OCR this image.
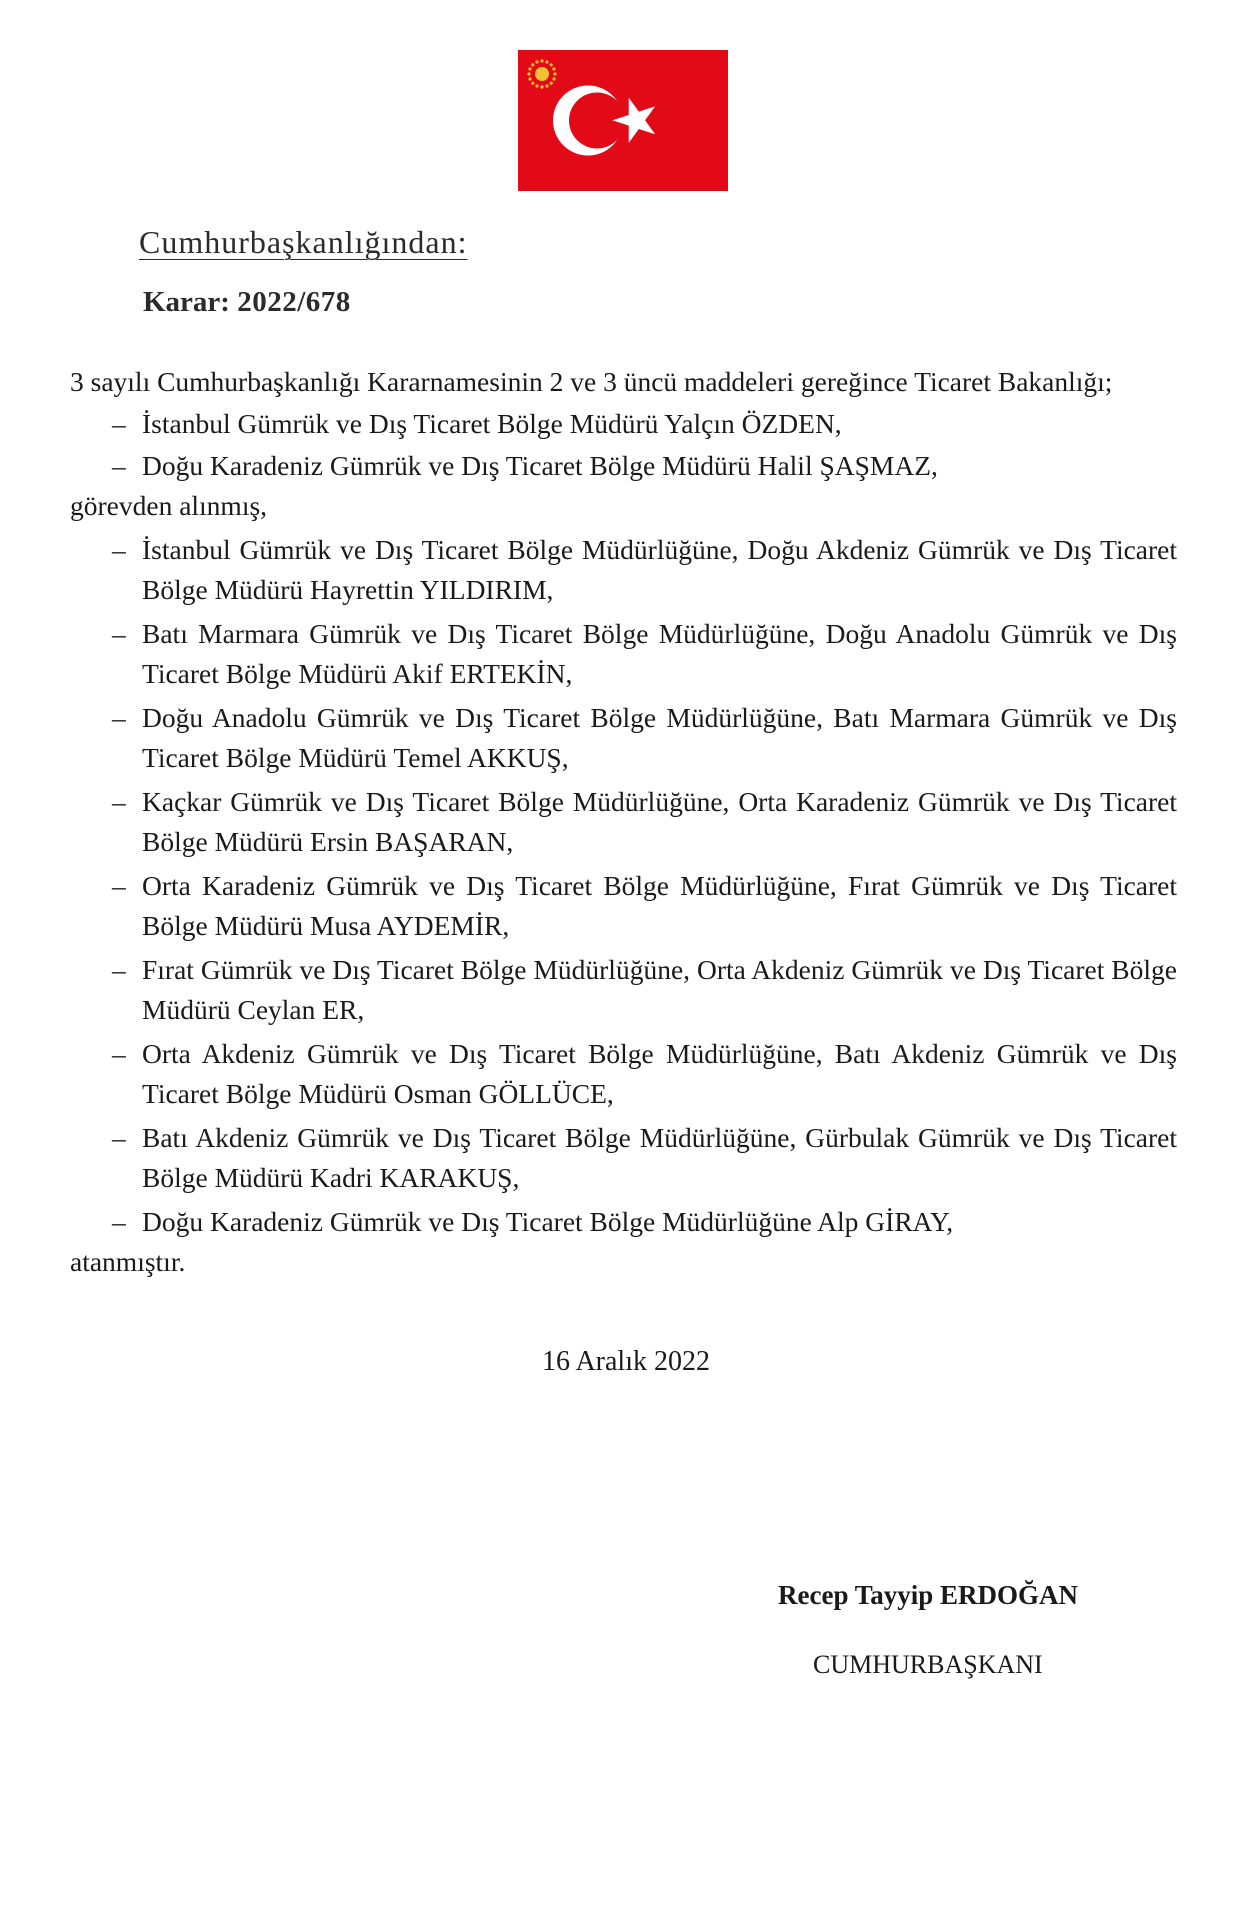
Cumhurbaşkanlığından:
Karar: 2022/678
3 sayılı Cumhurbaşkanlığı Kararnamesinin 2 ve 3 üncü maddeleri gereğince Ticaret Bakanlığı;
– İstanbul Gümrük ve Dış Ticaret Bölge Müdürü Yalçın ÖZDEN,
– Doğu Karadeniz Gümrük ve Dış Ticaret Bölge Müdürü Halil ŞAŞMAZ,
görevden alınmış,
– İstanbul Gümrük ve Dış Ticaret Bölge Müdürlüğüne, Doğu Akdeniz Gümrük ve Dış Ticaret Bölge Müdürü Hayrettin YILDIRIM,
– Batı Marmara Gümrük ve Dış Ticaret Bölge Müdürlüğüne, Doğu Anadolu Gümrük ve Dış Ticaret Bölge Müdürü Akif ERTEKİN,
– Doğu Anadolu Gümrük ve Dış Ticaret Bölge Müdürlüğüne, Batı Marmara Gümrük ve Dış Ticaret Bölge Müdürü Temel AKKUŞ,
– Kaçkar Gümrük ve Dış Ticaret Bölge Müdürlüğüne, Orta Karadeniz Gümrük ve Dış Ticaret Bölge Müdürü Ersin BAŞARAN,
– Orta Karadeniz Gümrük ve Dış Ticaret Bölge Müdürlüğüne, Fırat Gümrük ve Dış Ticaret Bölge Müdürü Musa AYDEMİR,
– Fırat Gümrük ve Dış Ticaret Bölge Müdürlüğüne, Orta Akdeniz Gümrük ve Dış Ticaret Bölge Müdürü Ceylan ER,
– Orta Akdeniz Gümrük ve Dış Ticaret Bölge Müdürlüğüne, Batı Akdeniz Gümrük ve Dış Ticaret Bölge Müdürü Osman GÖLLÜCE,
– Batı Akdeniz Gümrük ve Dış Ticaret Bölge Müdürlüğüne, Gürbulak Gümrük ve Dış Ticaret Bölge Müdürü Kadri KARAKUŞ,
– Doğu Karadeniz Gümrük ve Dış Ticaret Bölge Müdürlüğüne Alp GİRAY,
atanmıştır.
16 Aralık 2022
Recep Tayyip ERDOĞAN
CUMHURBAŞKANI
